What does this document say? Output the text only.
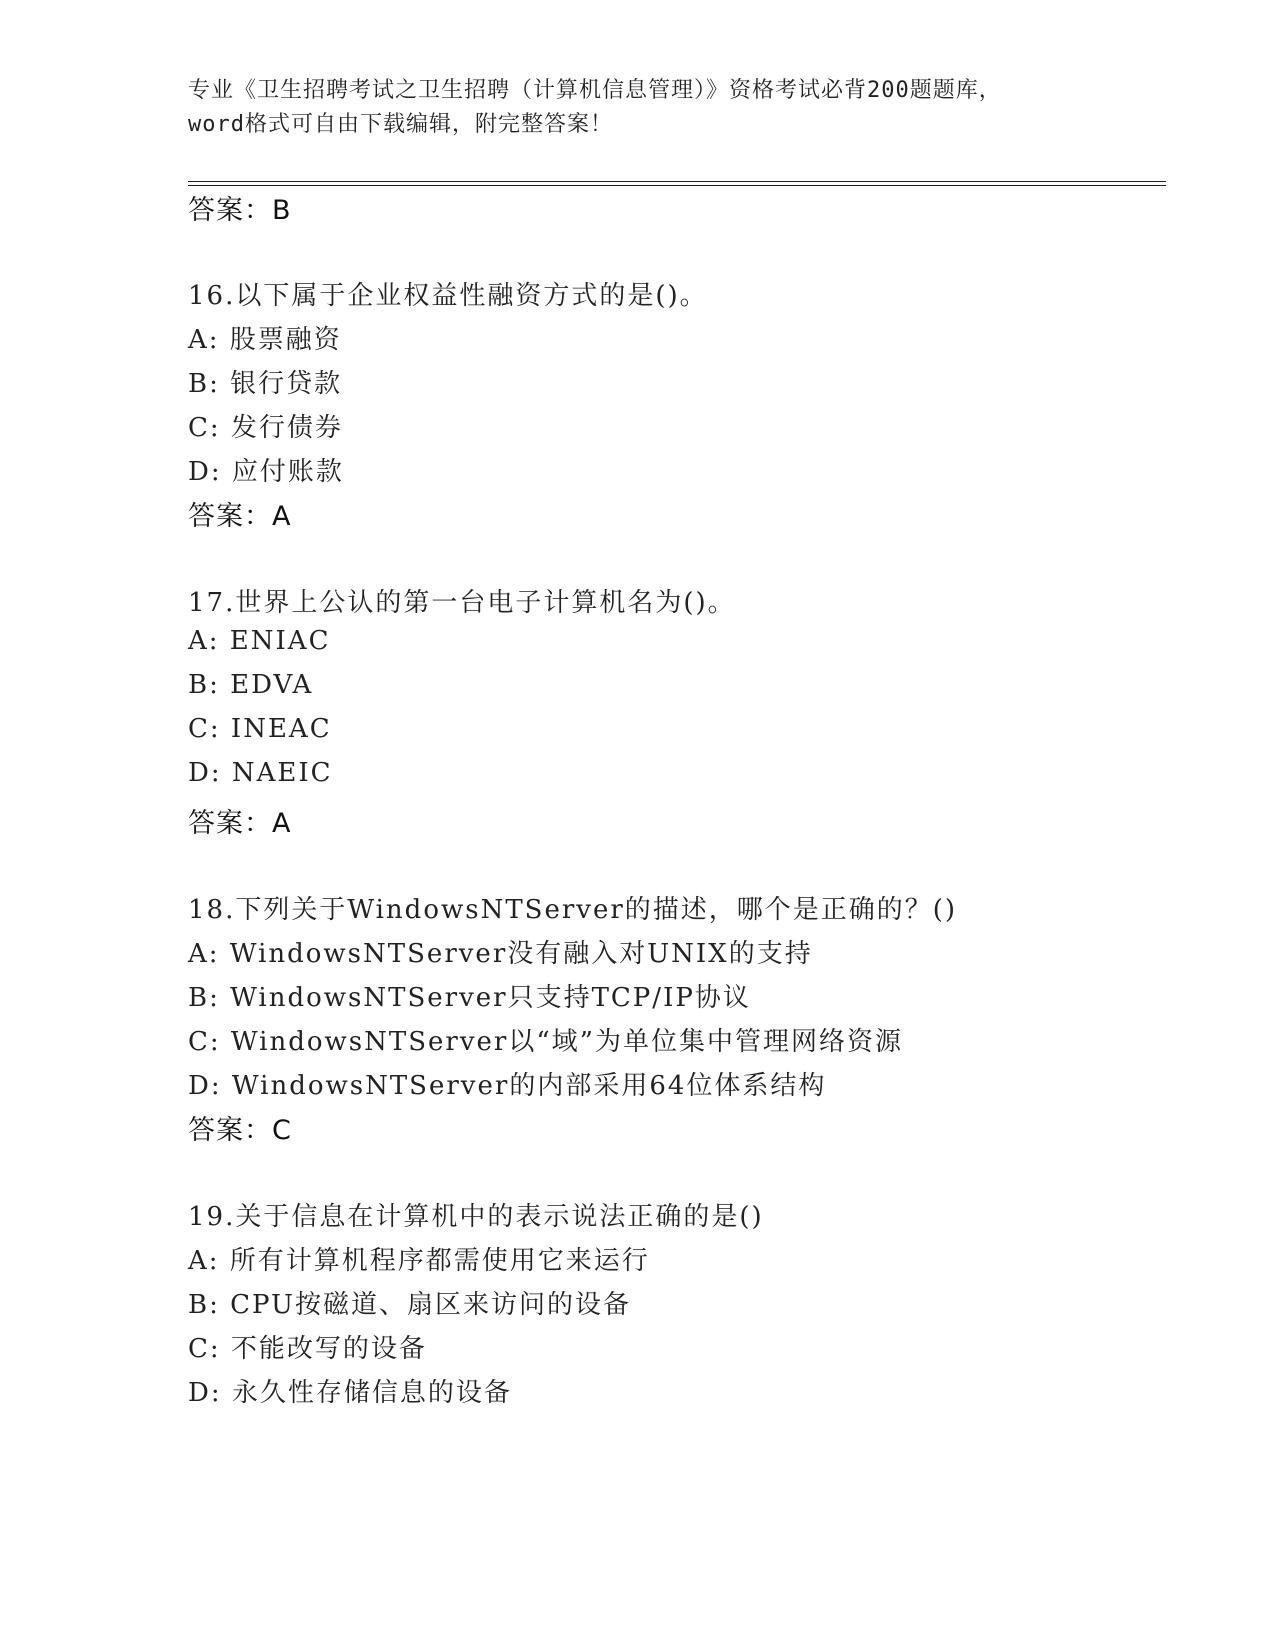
专业《卫生招聘考试之卫生招聘（计算机信息管理）》资格考试必背200题题库，
word格式可自由下载编辑，附完整答案！
答案：B
16.以下属于企业权益性融资方式的是()。
A: 股票融资
B: 银行贷款
C: 发行债券
D: 应付账款
答案：A
17.世界上公认的第一台电子计算机名为()。
A: ENIAC
B: EDVA
C: INEAC
D: NAEIC
答案：A
18.下列关于WindowsNTServer的描述，哪个是正确的？()
A: WindowsNTServer没有融入对UNIX的支持
B: WindowsNTServer只支持TCP/IP协议
C: WindowsNTServer以“域”为单位集中管理网络资源
D: WindowsNTServer的内部采用64位体系结构
答案：C
19.关于信息在计算机中的表示说法正确的是()
A: 所有计算机程序都需使用它来运行
B: CPU按磁道、扇区来访问的设备
C: 不能改写的设备
D: 永久性存储信息的设备
